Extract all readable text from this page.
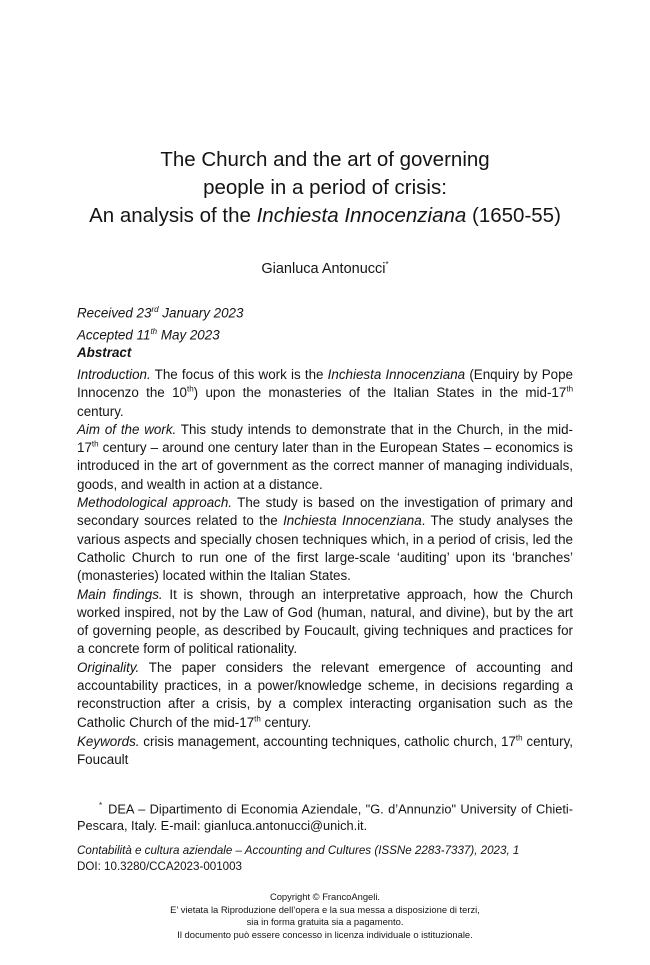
The Church and the art of governing
people in a period of crisis:
An analysis of the Inchiesta Innocenziana (1650-55)
Gianluca Antonucci*
Received 23rd January 2023
Accepted 11th May 2023
Abstract

Introduction. The focus of this work is the Inchiesta Innocenziana (Enquiry by Pope Innocenzo the 10th) upon the monasteries of the Italian States in the mid-17th century.

Aim of the work. This study intends to demonstrate that in the Church, in the mid-17th century – around one century later than in the European States – economics is introduced in the art of government as the correct manner of managing individuals, goods, and wealth in action at a distance.

Methodological approach. The study is based on the investigation of primary and secondary sources related to the Inchiesta Innocenziana. The study analyses the various aspects and specially chosen techniques which, in a period of crisis, led the Catholic Church to run one of the first large-scale ‘auditing’ upon its ‘branches’ (monasteries) located within the Italian States.

Main findings. It is shown, through an interpretative approach, how the Church worked inspired, not by the Law of God (human, natural, and divine), but by the art of governing people, as described by Foucault, giving techniques and practices for a concrete form of political rationality.

Originality. The paper considers the relevant emergence of accounting and accountability practices, in a power/knowledge scheme, in decisions regarding a reconstruction after a crisis, by a complex interacting organisation such as the Catholic Church of the mid-17th century.

Keywords. crisis management, accounting techniques, catholic church, 17th century, Foucault
* DEA – Dipartimento di Economia Aziendale, "G. d’Annunzio" University of Chieti-Pescara, Italy. E-mail: gianluca.antonucci@unich.it.
Contabilità e cultura aziendale – Accounting and Cultures (ISSNe 2283-7337), 2023, 1
DOI: 10.3280/CCA2023-001003
Copyright © FrancoAngeli.
E’ vietata la Riproduzione dell’opera e la sua messa a disposizione di terzi,
sia in forma gratuita sia a pagamento.
Il documento può essere concesso in licenza individuale o istituzionale.
